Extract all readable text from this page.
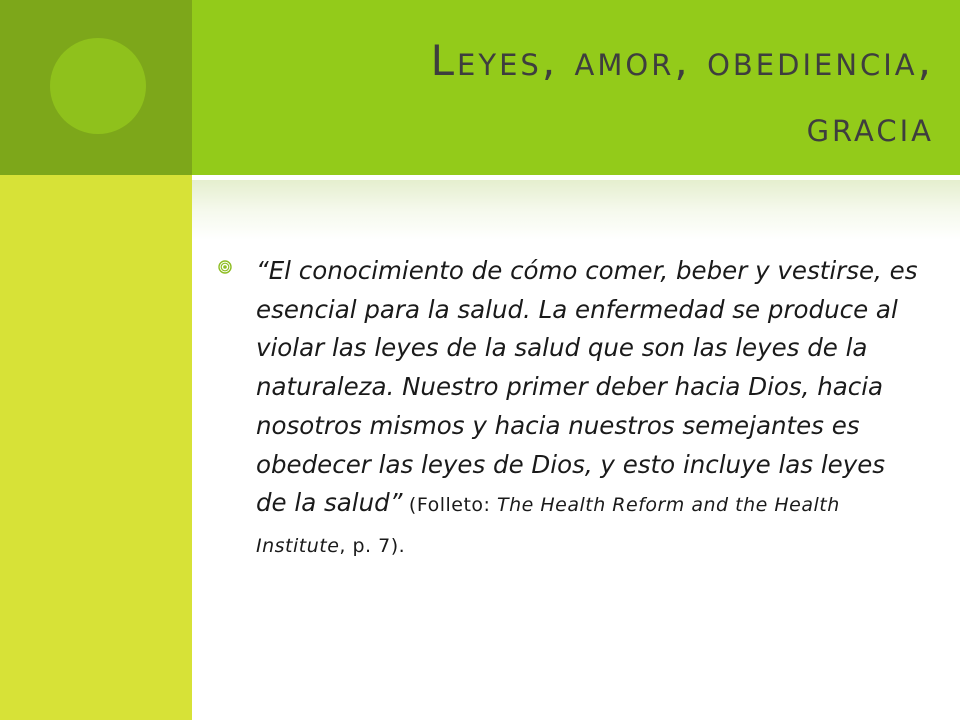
Leyes, amor, obediencia, gracia

“El conocimiento de cómo comer, beber y vestirse, es esencial para la salud. La enfermedad se produce al violar las leyes de la salud que son las leyes de la naturaleza. Nuestro primer deber hacia Dios, hacia nosotros mismos y hacia nuestros semejantes es obedecer las leyes de Dios, y esto incluye las leyes de la salud” (Folleto: The Health Reform and the Health Institute, p. 7).
